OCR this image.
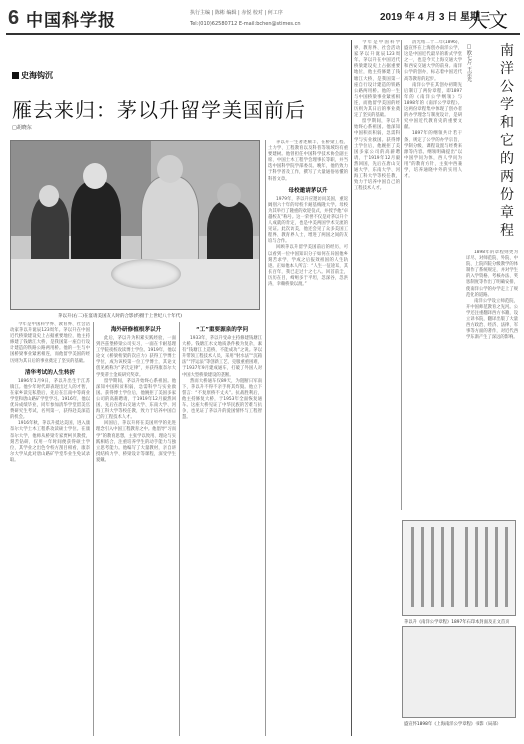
6 中国科学报	执行主编 | 陈彬 编辑 | 赤悦 校对 | 何工序	2019 年 4 月 3 日 星期三
Tel:(010)62580712 E-mail:bchen@stimes.cn	人文
史海钩沉
雁去来归：茅以升留学美国前后
□胡晓东
茅以升(右二)在宴请美国友人时的合影(约摄于上世纪八十年代)

今年是中国科学界、教育界、社会活动家茅以升诞辰123周年。茅以升在中国近代桥梁建设史上占据重要地位，他主持修建了钱塘江大桥，是我国第一座自行设计建造的铁路公路两用桥。他的一生与中国桥梁事业紧密相连，而他留学美国的经历则为其日后的事业奠定了坚实的基础。

清华考试的人生转折

1896年1月9日，茅以升出生于江苏镇江。他少年时代即表现出过人的才智，在家乡读完私塾后，先后在江南中等商业学堂和唐山路矿学堂学习。1916年，他以优异成绩毕业，同年参加清华学堂留美官费研究生考试，名列第一，获得赴美深造的机会。

1916年秋，茅以升抵达美国，进入康奈尔大学土木工程系攻读硕士学位。在康奈尔大学，他师从桥梁专家贾柯贝教授，刻苦钻研，仅用一年时间便获得硕士学位，其学业之出色令校方刮目相看，康奈尔大学从此对唐山路矿学堂毕业生免试录取。

海外研修植根茅以升

此后，茅以升为积累实践经验，一面到匹兹堡桥梁公司实习，一面在卡耐基理工学院夜校攻读博士学位。1919年，他以论文《桥梁桁架的次应力》获得工学博士学位，成为该校第一位工学博士，其论文创见被称为“茅氏定律”，并获得康奈尔大学斐蒂士金质研究奖章。

留学期间，茅以升始终心系祖国。他深知中国积贫积弱，急需科学与实业救国。获得博士学位后，他婉拒了美国多家公司的高薪聘请，于1919年12月毅然回国，先后在唐山交通大学、东南大学、河海工科大学等校任教，致力于培养中国自己的工程技术人才。

回国后，茅以升将在美国所学的先进理念引入中国工程教育之中。他倡导“习而学”的教育思想，主张学以致用、理论与实践相结合，注重培养学生的动手能力与独立思考能力。他编写了大量教材，亲自讲授结构力学、桥梁设计等课程，深受学生爱戴。

“工”重要源泉的学问

1933年，茅以升受命主持修建钱塘江大桥。钱塘江水文地质条件极为复杂，素有“钱塘江上造桥，不能成功”之说。茅以升带领工程技术人员，采用“射水法”“沉箱法”“浮运法”等创新工艺，克服重重困难，于1937年9月建成通车，打破了外国人对中国大型桥梁建设的垄断。

然而大桥通车仅89天，为阻断日军南下，茅以升不得不亲手将其炸毁。他立下誓言：“不复原桥不丈夫”。抗战胜利后，他主持修复大桥，于1953年全面恢复通车。这座大桥见证了中华民族的苦难与抗争，也见证了茅以升的爱国情怀与工程智慧。

茅以升一生著述颇丰，在桥梁工程、土力学、工程教育以及科普等领域均有重要建树。他曾担任中国科学技术协会副主席、中国土木工程学会理事长等职，并当选中国科学院学部委员。晚年，他仍致力于科学普及工作，撰写了大量通俗易懂的科普文章。

母校邀请茅以升

1979年，茅以升应邀访问美国，重返阔别六十年的母校卡耐基梅隆大学。母校为其举行了隆重的欢迎仪式，并授予他“卓越校友”称号。这一荣誉不仅是对茅以升个人成就的肯定，也是中美两国学术交流的见证。此次访美，他还会见了众多美国工程界、教育界人士，增进了两国之间的友谊与合作。

回顾茅以升留学美国前后的经历，可以看到一位中国知识分子如何在异国他乡刻苦求学、学成之后报效祖国的人生轨迹。正如他本人所言：“人生一征途耳，其长百年，我已走过十之七八。回首前尘，历历在目，崎岖多于平坦，忽深谷，忽洪涛，幸赖桥梁以渡。”

今年是中国科学界、教育界、社会活动家茅以升诞辰123周年。茅以升在中国近代桥梁建设史上占据重要地位，他主持修建了钱塘江大桥，是我国第一座自行设计建造的铁路公路两用桥。他的一生与中国桥梁事业紧密相连，而他留学美国的经历则为其日后的事业奠定了坚实的基础。

留学期间，茅以升始终心系祖国。他深知中国积贫积弱，急需科学与实业救国。获得博士学位后，他婉拒了美国多家公司的高薪聘请，于1919年12月毅然回国，先后在唐山交通大学、东南大学、河海工科大学等校任教，致力于培养中国自己的工程技术人才。

清光绪二十二年(1896)，盛宣怀在上海创办南洋公学，这是中国近代最早的新式学堂之一，也是今天上海交通大学和西安交通大学的前身。南洋公学的创办，标志着中国近代高等教育的起步。

南洋公学在其创办初期先后制订了两份章程，即1897年的《南洋公学纲领》与1898年的《南洋公学章程》。这两份章程集中体现了创办者的办学理念与制度设计，是研究中国近代教育史的重要文献。

1897年的纲领共计若干条，规定了公学的办学宗旨、学制分级、课程设置与经费来源等内容。纲领明确提出“以中国学问为体，西人学问为用”的教育方针，主张中西兼学，培养通晓中外的实用人才。

□欧七斤 王宗光 南
洋
公
学
和
它
的
两
份
章
程

1898年的章程则更为详尽，对师范院、外院、中院、上院四院分级教学的体制作了系统规定，并对学生的入学资格、考核办法、奖惩制度等作出了明确安排，使南洋公学的办学走上了规范化的道路。

南洋公学设立师范院，开中国师范教育之先河。公学还注重翻译西方书籍，设立译书院，翻译出版了大量西方政治、经济、法律、军事等方面的著作，对近代西学东渐产生了深远的影响。

茅以升《南洋公学章程》1897年石印本封面及正文首页
盛宣怀1898年《上海南洋公学章程》书影（局部）
